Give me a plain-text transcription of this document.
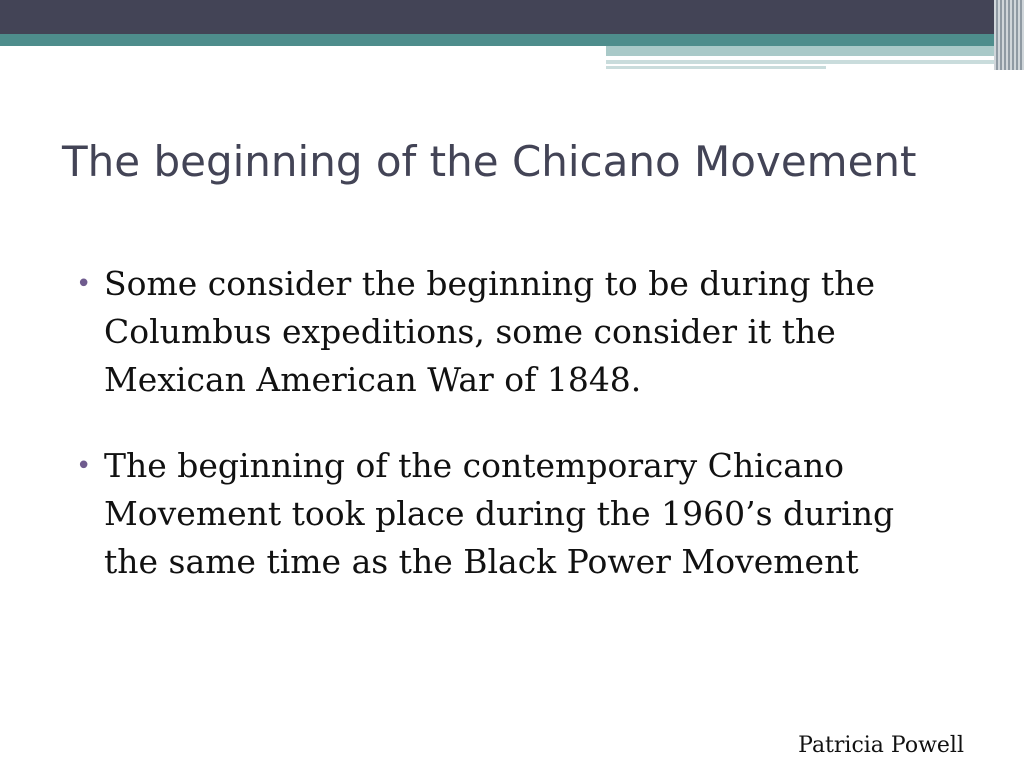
The beginning of the Chicano Movement
• Some consider the beginning to be during the Columbus expeditions, some consider it the Mexican American War of 1848.
• The beginning of the contemporary Chicano Movement took place during the 1960’s during the same time as the Black Power Movement
Patricia Powell
